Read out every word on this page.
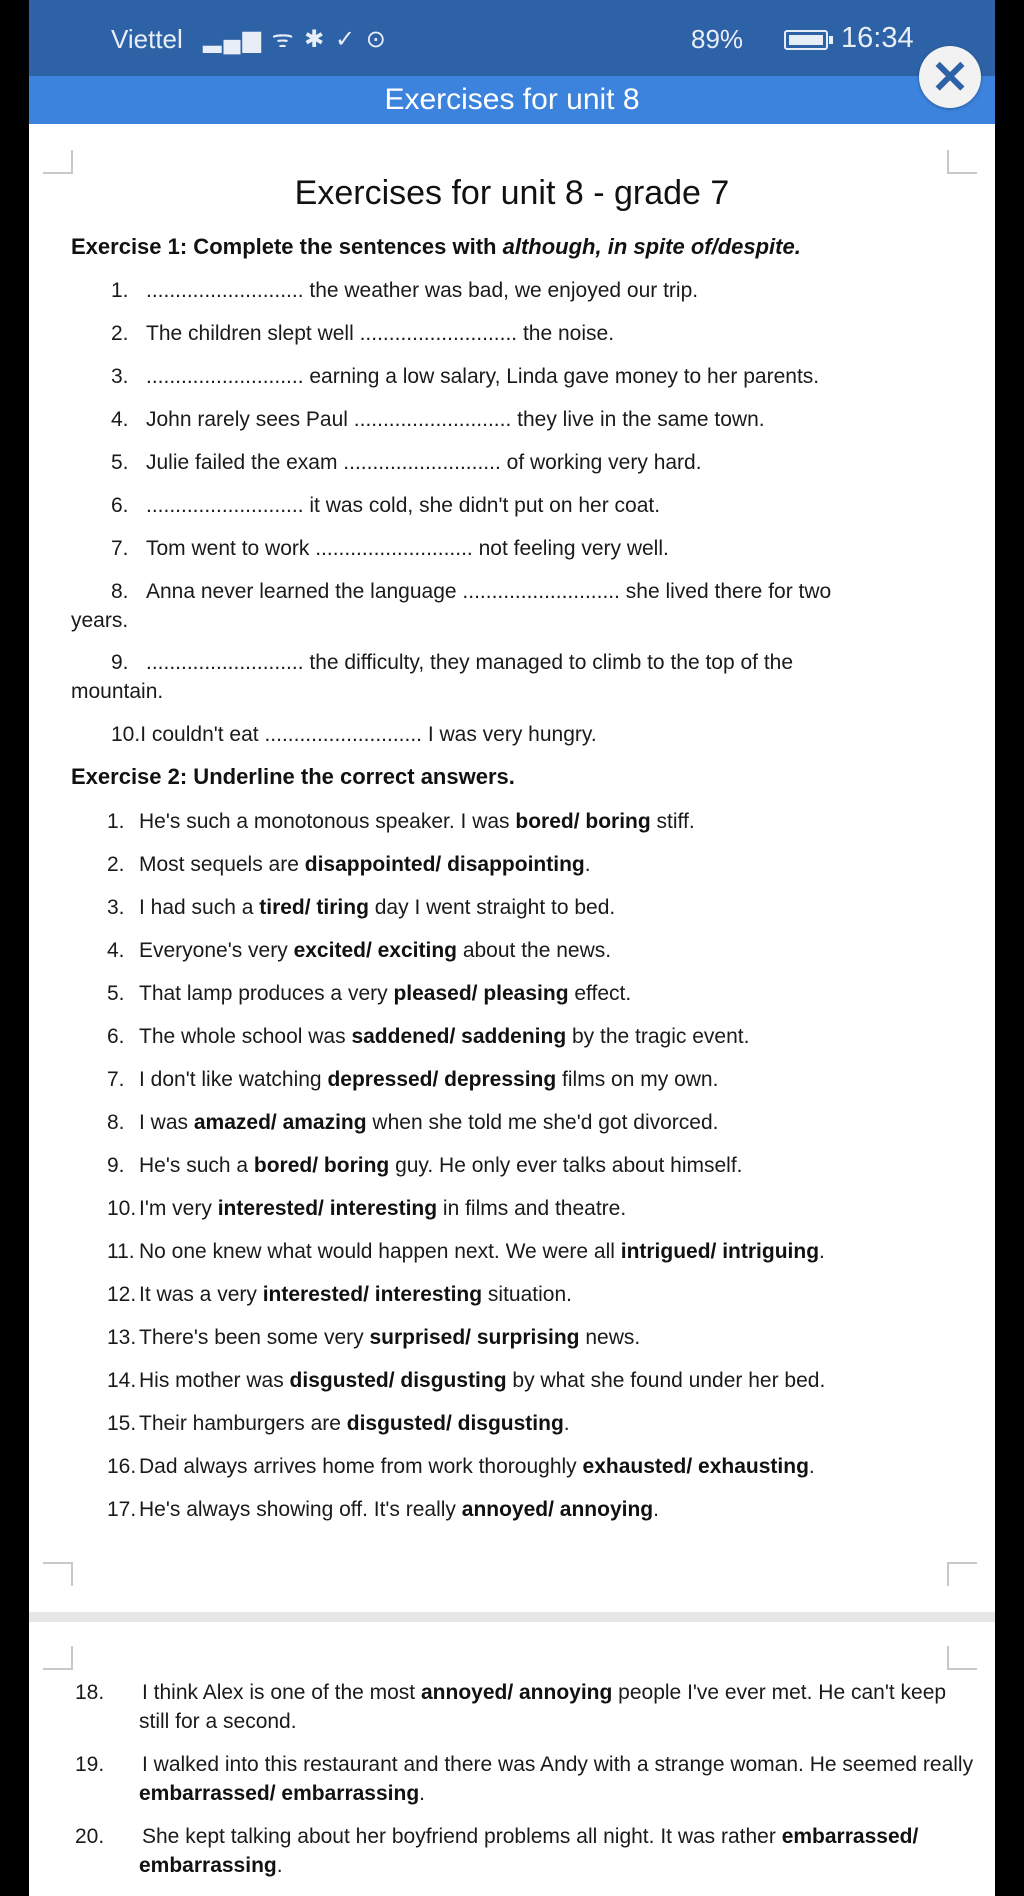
Viettel ▂▄▆ ᯤ ✱ ✓ ⊙	89%	16:34
Exercises for unit 8
Exercises for unit 8 - grade 7
Exercise 1: Complete the sentences with although, in spite of/despite.
1. ........................... the weather was bad, we enjoyed our trip.
2. The children slept well ........................... the noise.
3. ........................... earning a low salary, Linda gave money to her parents.
4. John rarely sees Paul ........................... they live in the same town.
5. Julie failed the exam ........................... of working very hard.
6. ........................... it was cold, she didn't put on her coat.
7. Tom went to work ........................... not feeling very well.
8. Anna never learned the language ........................... she lived there for two
years.
9. ........................... the difficulty, they managed to climb to the top of the
mountain.
10.I couldn't eat ........................... I was very hungry.
Exercise 2: Underline the correct answers.
1. He's such a monotonous speaker. I was bored/ boring stiff.
2. Most sequels are disappointed/ disappointing.
3. I had such a tired/ tiring day I went straight to bed.
4. Everyone's very excited/ exciting about the news.
5. That lamp produces a very pleased/ pleasing effect.
6. The whole school was saddened/ saddening by the tragic event.
7. I don't like watching depressed/ depressing films on my own.
8. I was amazed/ amazing when she told me she'd got divorced.
9. He's such a bored/ boring guy. He only ever talks about himself.
10. I'm very interested/ interesting in films and theatre.
11. No one knew what would happen next. We were all intrigued/ intriguing.
12. It was a very interested/ interesting situation.
13. There's been some very surprised/ surprising news.
14. His mother was disgusted/ disgusting by what she found under her bed.
15. Their hamburgers are disgusted/ disgusting.
16. Dad always arrives home from work thoroughly exhausted/ exhausting.
17. He's always showing off. It's really annoyed/ annoying.
18. I think Alex is one of the most annoyed/ annoying people I've ever met. He can't keep still for a second.
19. I walked into this restaurant and there was Andy with a strange woman. He seemed really embarrassed/ embarrassing.
20. She kept talking about her boyfriend problems all night. It was rather embarrassed/ embarrassing.
✕
